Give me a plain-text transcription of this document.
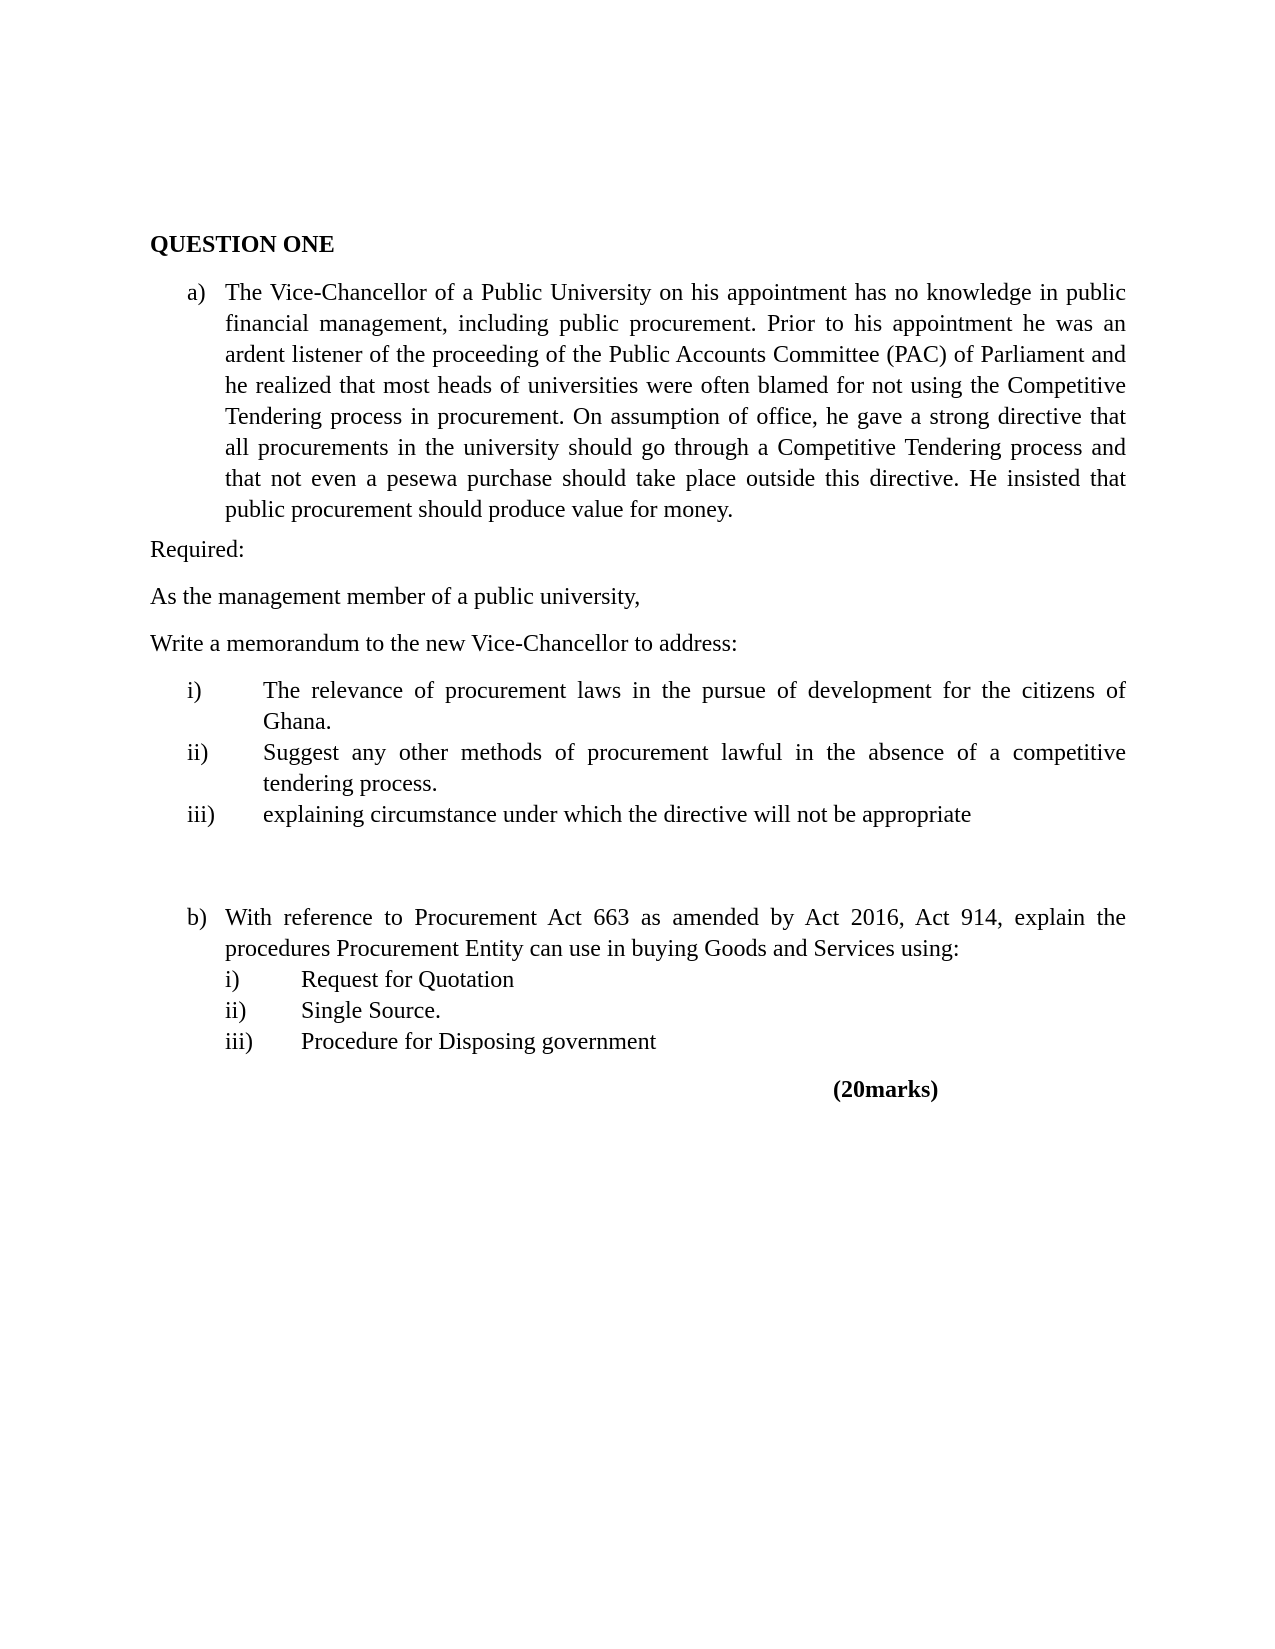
QUESTION ONE
a) The Vice-Chancellor of a Public University on his appointment has no knowledge in public financial management, including public procurement. Prior to his appointment he was an ardent listener of the proceeding of the Public Accounts Committee (PAC) of Parliament and he realized that most heads of universities were often blamed for not using the Competitive Tendering process in procurement. On assumption of office, he gave a strong directive that all procurements in the university should go through a Competitive Tendering process and that not even a pesewa purchase should take place outside this directive. He insisted that public procurement should produce value for money.
Required:
As the management member of a public university,
Write a memorandum to the new Vice-Chancellor to address:
i)	The relevance of procurement laws in the pursue of development for the citizens of Ghana.
ii) Suggest any other methods of procurement lawful in the absence of a competitive tendering process.
iii) explaining circumstance under which the directive will not be appropriate
b) With reference to Procurement Act 663 as amended by Act 2016, Act 914, explain the procedures Procurement Entity can use in buying Goods and Services using:
i)	Request for Quotation
ii) Single Source.
iii) Procedure for Disposing government
(20marks)
